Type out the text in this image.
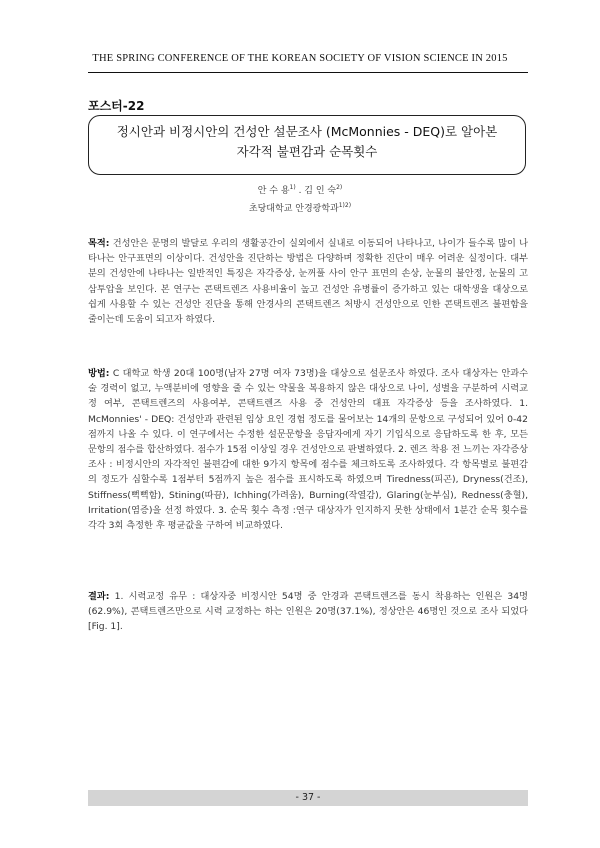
THE SPRING CONFERENCE OF THE KOREAN SOCIETY OF VISION SCIENCE IN 2015
포스터-22
정시안과 비정시안의 건성안 설문조사 (McMonnies - DEQ)로 알아본
자각적 불편감과 순목횟수
안 수 용$^{1)}$ . 김 인 숙$^{2)}$
초당대학교 안경광학과$^{1)2)}$

목적: 건성안은 문명의 발달로 우리의 생활공간이 실외에서 실내로 이동되어 나타나고, 나이가 들수록 많이 나타나는 안구표면의 이상이다. 건성안을 진단하는 방법은 다양하며 정확한 진단이 매우 어려운 실정이다. 대부분의 건성안에 나타나는 일반적인 특징은 자각증상, 눈꺼풀 사이 안구 표면의 손상, 눈물의 불안정, 눈물의 고삼투압을 보인다. 본 연구는 콘택트렌즈 사용비율이 높고 건성안 유병률이 증가하고 있는 대학생을 대상으로 쉽게 사용할 수 있는 건성안 진단을 통해 안경사의 콘택트렌즈 처방시 건성안으로 인한 콘택트렌즈 불편함을 줄이는데 도움이 되고자 하였다.

방법: C 대학교 학생 20대 100명(남자 27명 여자 73명)을 대상으로 설문조사 하였다. 조사 대상자는 안과수술 경력이 없고, 누액분비에 영향을 줄 수 있는 약물을 복용하지 않은 대상으로 나이, 성별을 구분하여 시력교정 여부, 콘택트렌즈의 사용여부, 콘택트렌즈 사용 중 건성안의 대표 자각증상 등을 조사하였다. 1. McMonnies' - DEQ: 건성안과 관련된 임상 요인 경험 정도를 물어보는 14개의 문항으로 구성되어 있어 0-42점까지 나올 수 있다. 이 연구에서는 수정한 설문문항을 응답자에게 자기 기입식으로 응답하도록 한 후, 모든 문항의 점수를 합산하였다. 점수가 15점 이상일 경우 건성안으로 판별하였다. 2. 렌즈 착용 전 느끼는 자각증상 조사 : 비정시안의 자각적인 불편감에 대한 9가지 항목에 점수를 체크하도록 조사하였다. 각 항목별로 불편감의 정도가 심할수록 1점부터 5점까지 높은 점수를 표시하도록 하였으며 Tiredness(피곤), Dryness(건조), Stiffness(뻑뻑함), Stining(따끔), Ichhing(가려움), Burning(작열감), Glaring(눈부심), Redness(충혈), Irritation(염증)을 선정 하였다. 3. 순목 횟수 측정 :연구 대상자가 인지하지 못한 상태에서 1분간 순목 횟수를 각각 3회 측정한 후 평균값을 구하여 비교하였다.

결과: 1. 시력교정 유무 : 대상자중 비정시안 54명 중 안경과 콘택트렌즈를 동시 착용하는 인원은 34명(62.9%), 콘택트렌즈만으로 시력 교정하는 하는 인원은 20명(37.1%), 정상안은 46명인 것으로 조사 되었다[Fig. 1].

- 37 -
